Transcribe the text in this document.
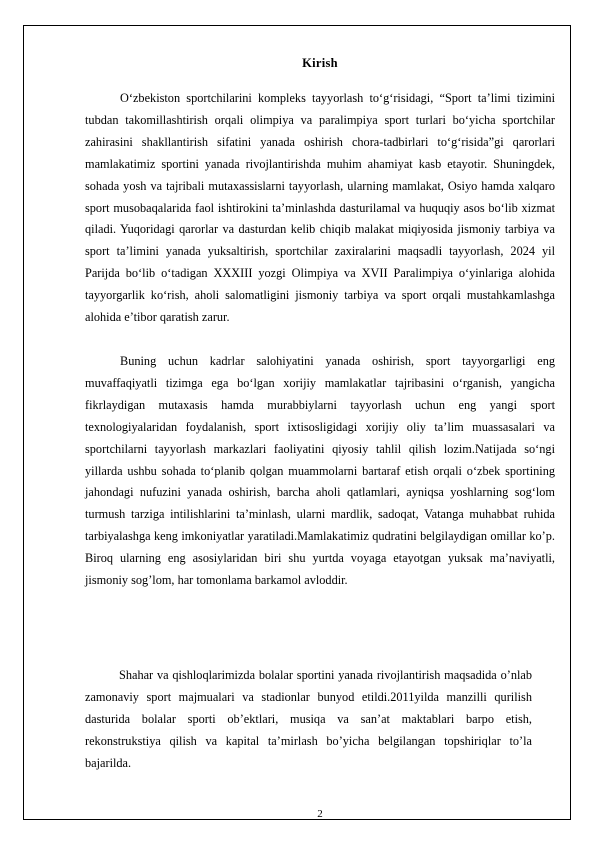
Kirish

O‘zbekiston sportchilarini kompleks tayyorlash to‘g‘risidagi, “Sport ta’limi tizimini tubdan takomillashtirish orqali olimpiya va paralimpiya sport turlari bo‘yicha sportchilar zahirasini shakllantirish sifatini yanada oshirish chora-tadbirlari to‘g‘risida”gi qarorlari mamlakatimiz sportini yanada rivojlantirishda muhim ahamiyat kasb etayotir. Shuningdek, sohada yosh va tajribali mutaxassislarni tayyorlash, ularning mamlakat, Osiyo hamda xalqaro sport musobaqalarida faol ishtirokini ta’minlashda dasturilamal va huquqiy asos bo‘lib xizmat qiladi. Yuqoridagi qarorlar va dasturdan kelib chiqib malakat miqiyosida jismoniy tarbiya va sport ta’limini yanada yuksaltirish, sportchilar zaxiralarini maqsadli tayyorlash, 2024 yil Parijda bo‘lib o‘tadigan XXXIII yozgi Olimpiya va XVII Paralimpiya o‘yinlariga alohida tayyorgarlik ko‘rish, aholi salomatligini jismoniy tarbiya va sport orqali mustahkamlashga alohida e’tibor qaratish zarur.

Buning uchun kadrlar salohiyatini yanada oshirish, sport tayyorgarligi eng muvaffaqiyatli tizimga ega bo‘lgan xorijiy mamlakatlar tajribasini o‘rganish, yangicha fikrlaydigan mutaxasis hamda murabbiylarni tayyorlash uchun eng yangi sport texnologiyalaridan foydalanish, sport ixtisosligidagi xorijiy oliy ta’lim muassasalari va sportchilarni tayyorlash markazlari faoliyatini qiyosiy tahlil qilish lozim.Natijada so‘ngi yillarda ushbu sohada to‘planib qolgan muammolarni bartaraf etish orqali o‘zbek sportining jahondagi nufuzini yanada oshirish, barcha aholi qatlamlari, ayniqsa yoshlarning sog‘lom turmush tarziga intilishlarini ta’minlash, ularni mardlik, sadoqat, Vatanga muhabbat ruhida tarbiyalashga keng imkoniyatlar yaratiladi.Mamlakatimiz qudratini belgilaydigan omillar ko’p. Biroq ularning eng asosiylaridan biri shu yurtda voyaga etayotgan yuksak ma’naviyatli, jismoniy sog’lom, har tomonlama barkamol avloddir.

Shahar va qishloqlarimizda bolalar sportini yanada rivojlantirish maqsadida o’nlab zamonaviy sport majmualari va stadionlar bunyod etildi.2011yilda manzilli qurilish dasturida bolalar sporti ob’ektlari, musiqa va san’at maktablari barpo etish, rekonstrukstiya qilish va kapital ta’mirlash bo’yicha belgilangan topshiriqlar to’la bajarilda.

2
